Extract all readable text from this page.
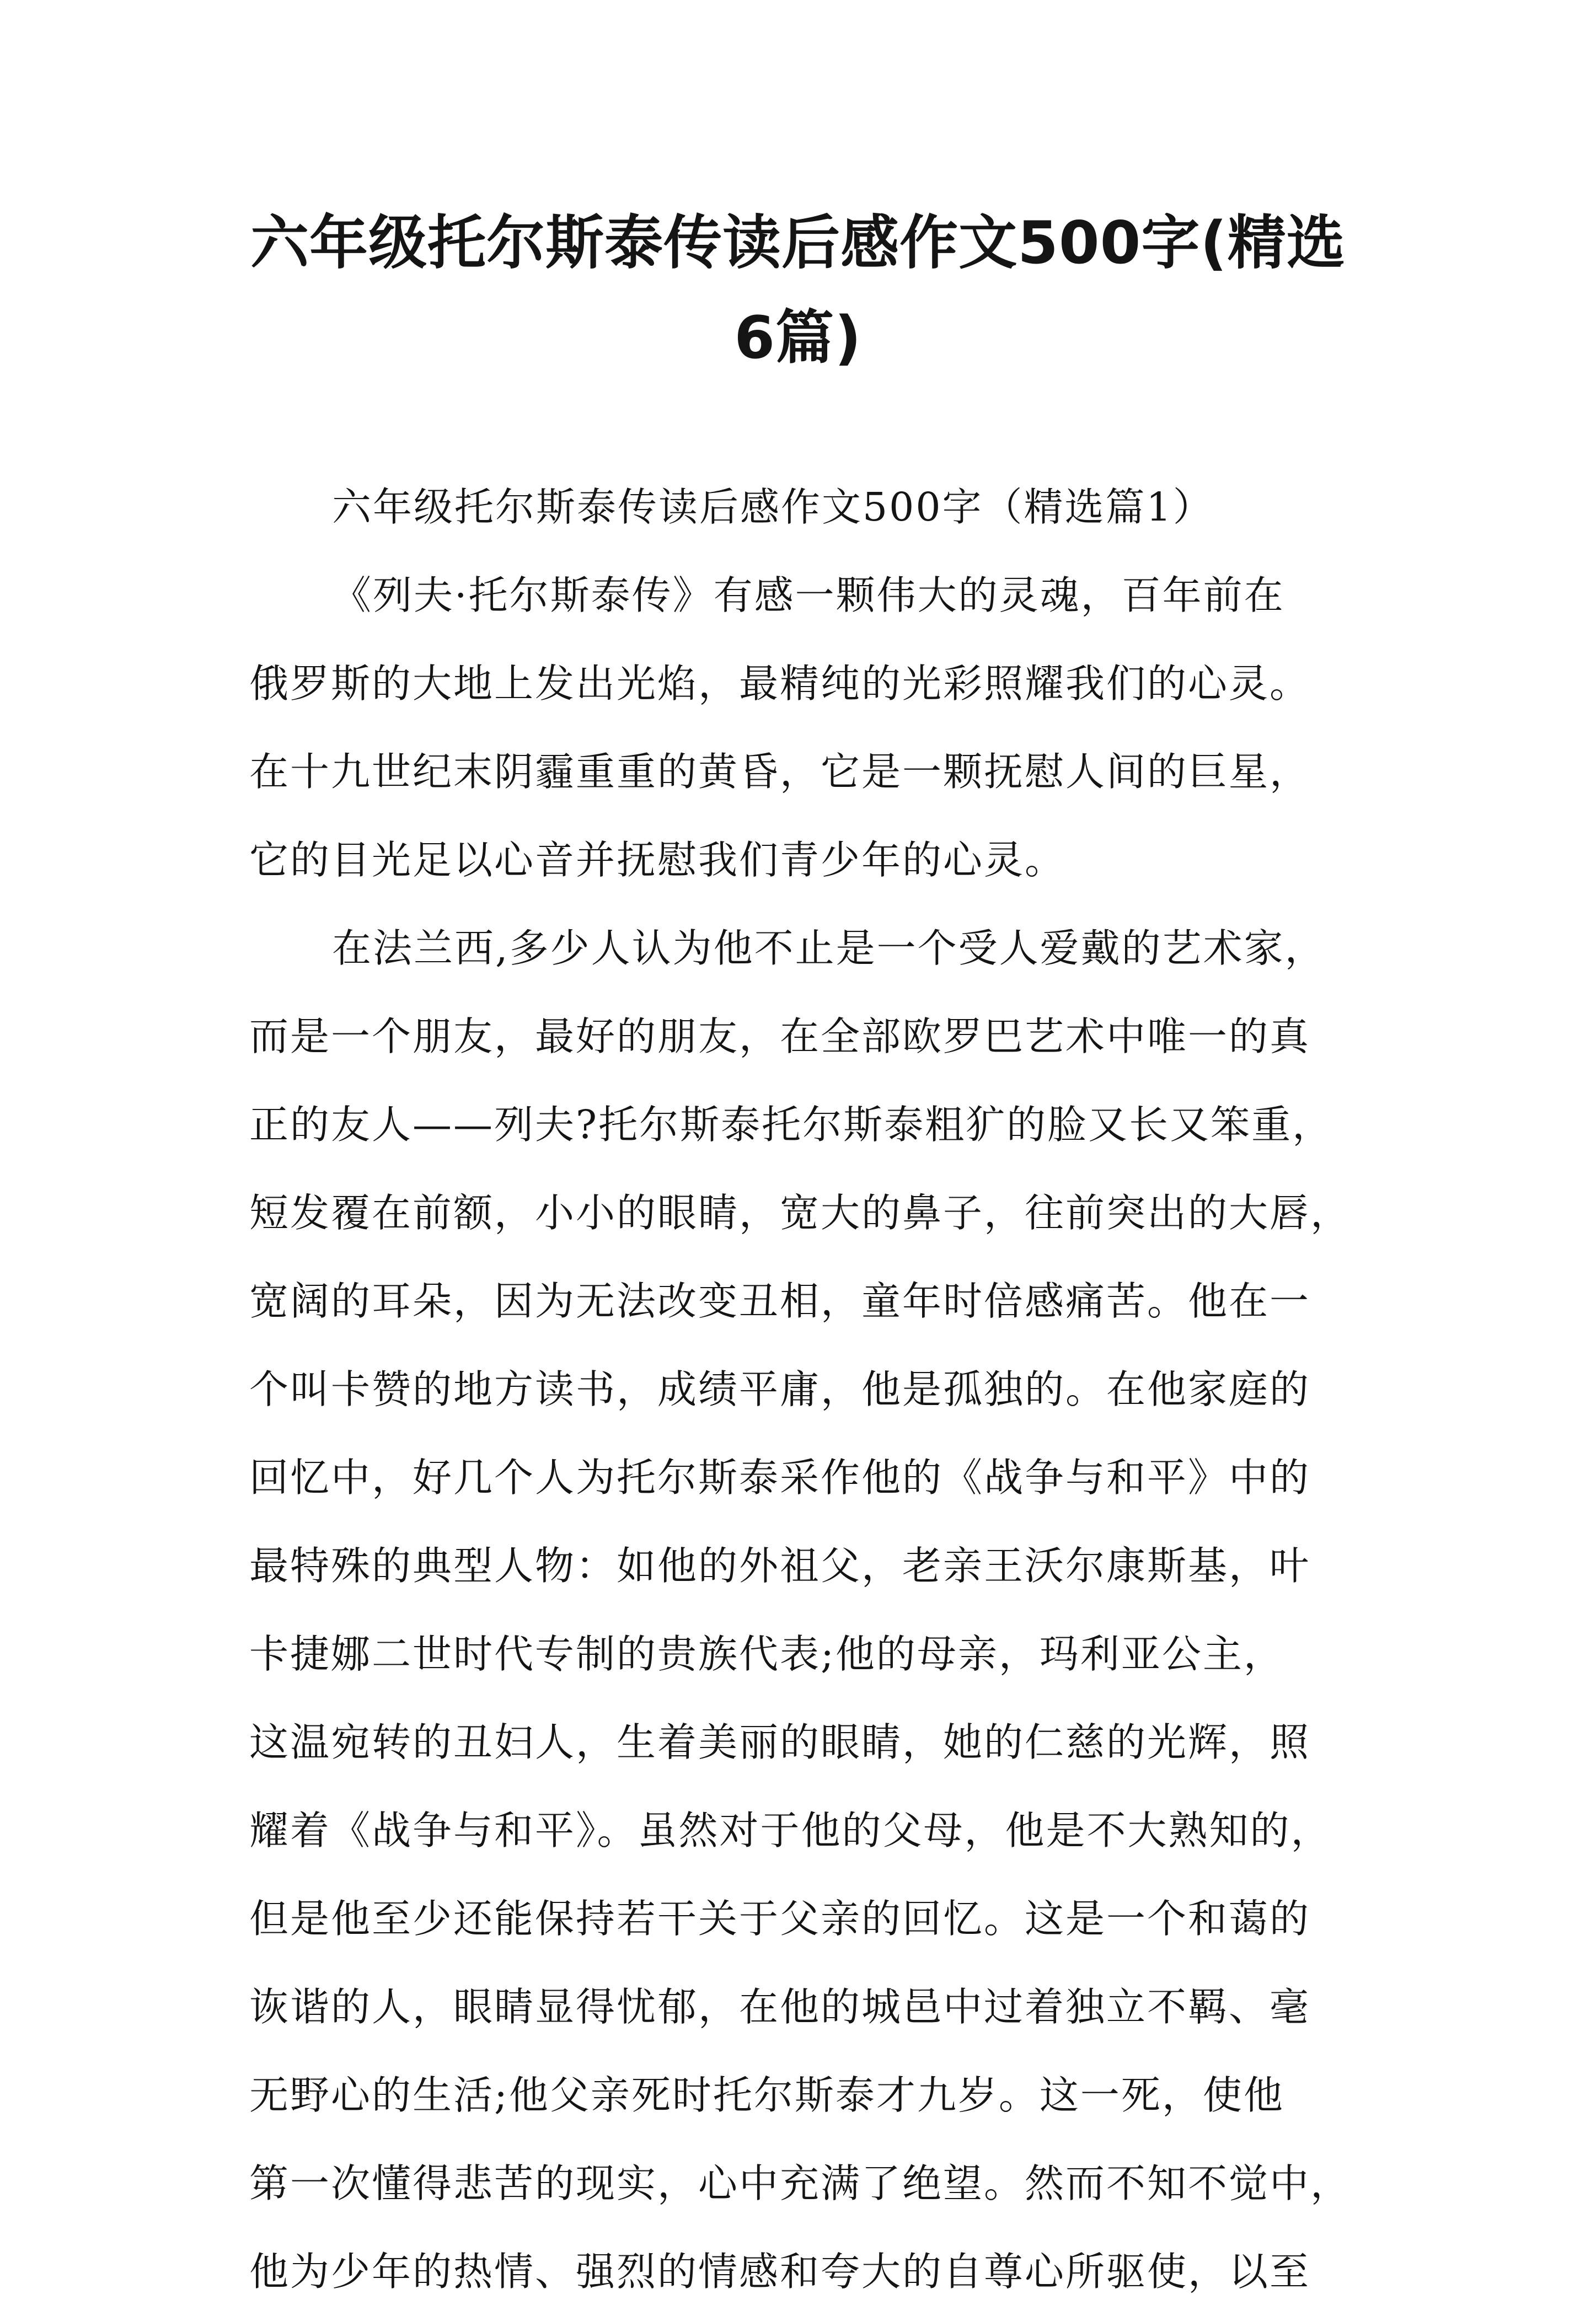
六年级托尔斯泰传读后感作文500字(精选
6篇)
六年级托尔斯泰传读后感作文500字（精选篇1）
《列夫·托尔斯泰传》有感一颗伟大的灵魂，百年前在
俄罗斯的大地上发出光焰，最精纯的光彩照耀我们的心灵。
在十九世纪末阴霾重重的黄昏，它是一颗抚慰人间的巨星，
它的目光足以心音并抚慰我们青少年的心灵。
在法兰西,多少人认为他不止是一个受人爱戴的艺术家，
而是一个朋友，最好的朋友，在全部欧罗巴艺术中唯一的真
正的友人——列夫?托尔斯泰托尔斯泰粗犷的脸又长又笨重，
短发覆在前额，小小的眼睛，宽大的鼻子，往前突出的大唇，
宽阔的耳朵，因为无法改变丑相，童年时倍感痛苦。他在一
个叫卡赞的地方读书，成绩平庸，他是孤独的。在他家庭的
回忆中，好几个人为托尔斯泰采作他的《战争与和平》中的
最特殊的典型人物：如他的外祖父，老亲王沃尔康斯基，叶
卡捷娜二世时代专制的贵族代表;他的母亲，玛利亚公主，
这温宛转的丑妇人，生着美丽的眼睛，她的仁慈的光辉，照
耀着《战争与和平》。虽然对于他的父母，他是不大熟知的，
但是他至少还能保持若干关于父亲的回忆。这是一个和蔼的
诙谐的人，眼睛显得忧郁，在他的城邑中过着独立不羁、毫
无野心的生活;他父亲死时托尔斯泰才九岁。这一死，使他
第一次懂得悲苦的现实，心中充满了绝望。然而不知不觉中，
他为少年的热情、强烈的情感和夸大的自尊心所驱使，以至
